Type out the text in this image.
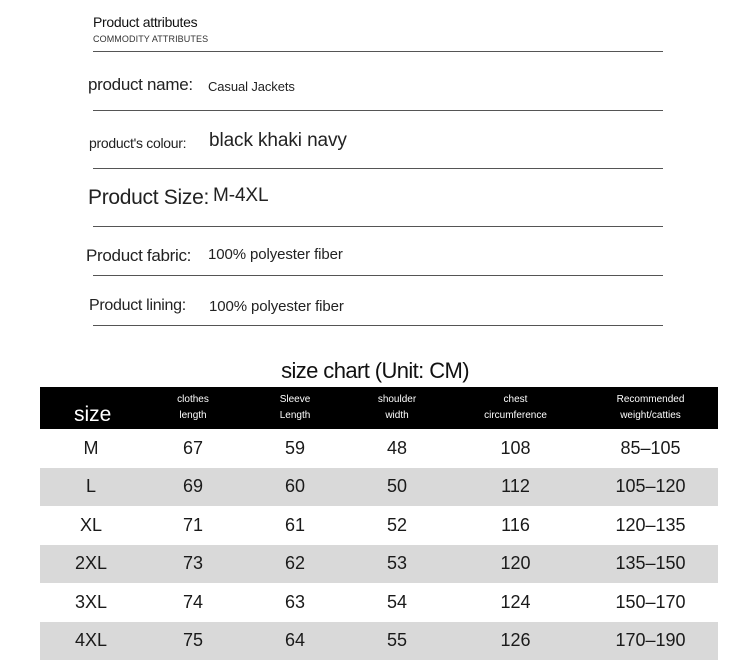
Product attributes
COMMODITY ATTRIBUTES
product name: Casual Jackets
product's colour: black khaki navy
Product Size: M-4XL
Product fabric: 100% polyester fiber
Product lining: 100% polyester fiber
size chart (Unit: CM)
size	clothes length	Sleeve Length	shoulder width	chest circumference	Recommended weight/catties
M	67	59	48	108	85–105
L	69	60	50	112	105–120
XL	71	61	52	116	120–135
2XL	73	62	53	120	135–150
3XL	74	63	54	124	150–170
4XL	75	64	55	126	170–190
